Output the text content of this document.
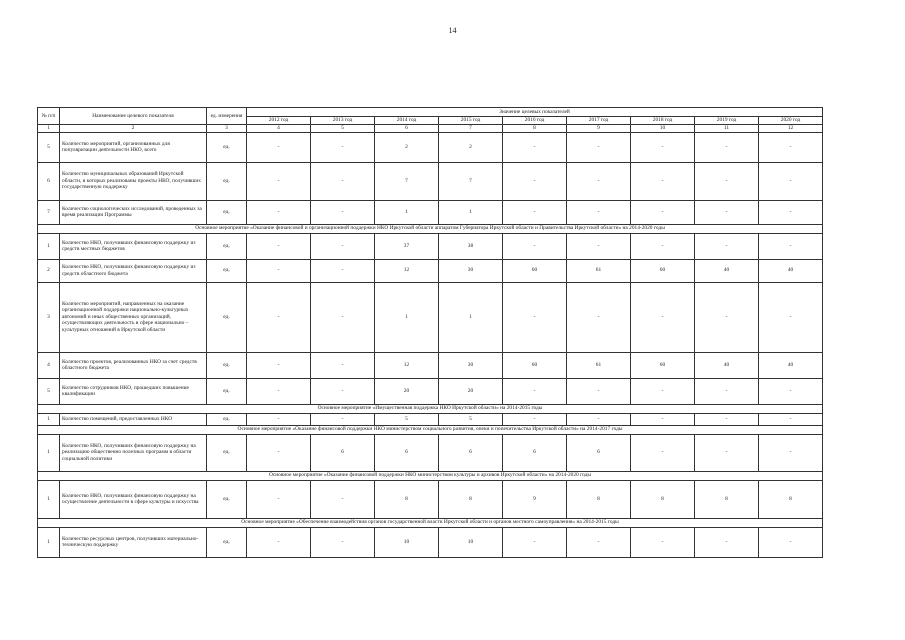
14
№ п/п	Наименование целевого показателя	ед. измерения	Значение целевых показателей								
			2012 год	2013 год	2014 год	2015 год	2016 год	2017 год	2018 год	2019 год	2020 год
1	2	3	4	5	6	7	8	9	10	11	12
5	Количество мероприятий, организованных для популяризации деятельности НКО, всего	ед.	-	-	2	2	-	-	-	-	-
6	Количество муниципальных образований Иркутской области, в которых реализованы проекты НКО, получивших государственную поддержку	ед.	-	-	7	7	-	-	-	-	-
7	Количество социологических исследований, проведенных за время реализации Программы	ед.	-	-	1	1	-	-	-	-	-
Основное мероприятие «Оказание финансовой и организационной поддержки НКО Иркутской области аппаратом Губернатора Иркутской области и Правительства Иркутской области» на 2014-2020 годы											
1	Количество НКО, получивших финансовую поддержку из средств местных бюджетов	ед.	-	-	37	38	-	-	-	-	-
2	Количество НКО, получивших финансовую поддержку из средств областного бюджета	ед.	-	-	12	30	60	61	60	40	40
3	Количество мероприятий, направленных на оказание организационной поддержки национально-культурных автономий и иных общественных организаций, осуществляющих деятельность в сфере национально – культурных отношений в Иркутской области	ед.	-	-	1	1	-	-	-	-	-
4	Количество проектов, реализованных НКО за счет средств областного бюджета	ед.	-	-	12	30	60	61	60	40	40
5	Количество сотрудников НКО, прошедших повышение квалификации	ед.	-	-	20	20	-	-	-	-	-
Основное мероприятие «Имущественная поддержка НКО Иркутской области» на 2014-2015 годы											
1	Количество помещений, предоставленных НКО	ед.	-	-	5	5	-	-	-	-	-
Основное мероприятие «Оказание финансовой поддержки НКО министерством социального развития, опеки и попечительства Иркутской области» на 2014-2017 годы											
1	Количество НКО, получивших финансовую поддержку на реализацию общественно полезных программ в области социальной политики	ед.	-	6	6	6	6	6	-	-	-
Основное мероприятие «Оказание финансовой поддержки НКО министерством культуры и архивов Иркутской области» на 2014-2020 годы											
1	Количество НКО, получивших финансовую поддержку на осуществление деятельности в сфере культуры и искусства	ед.	-	-	8	8	9	8	8	8	8
Основное мероприятие «Обеспечение взаимодействия органов государственной власти Иркутской области и органов местного самоуправления» на 2014-2015 годы											
1	Количество ресурсных центров, получивших материально-техническую поддержку	ед.	-	-	10	10	-	-	-	-	-
